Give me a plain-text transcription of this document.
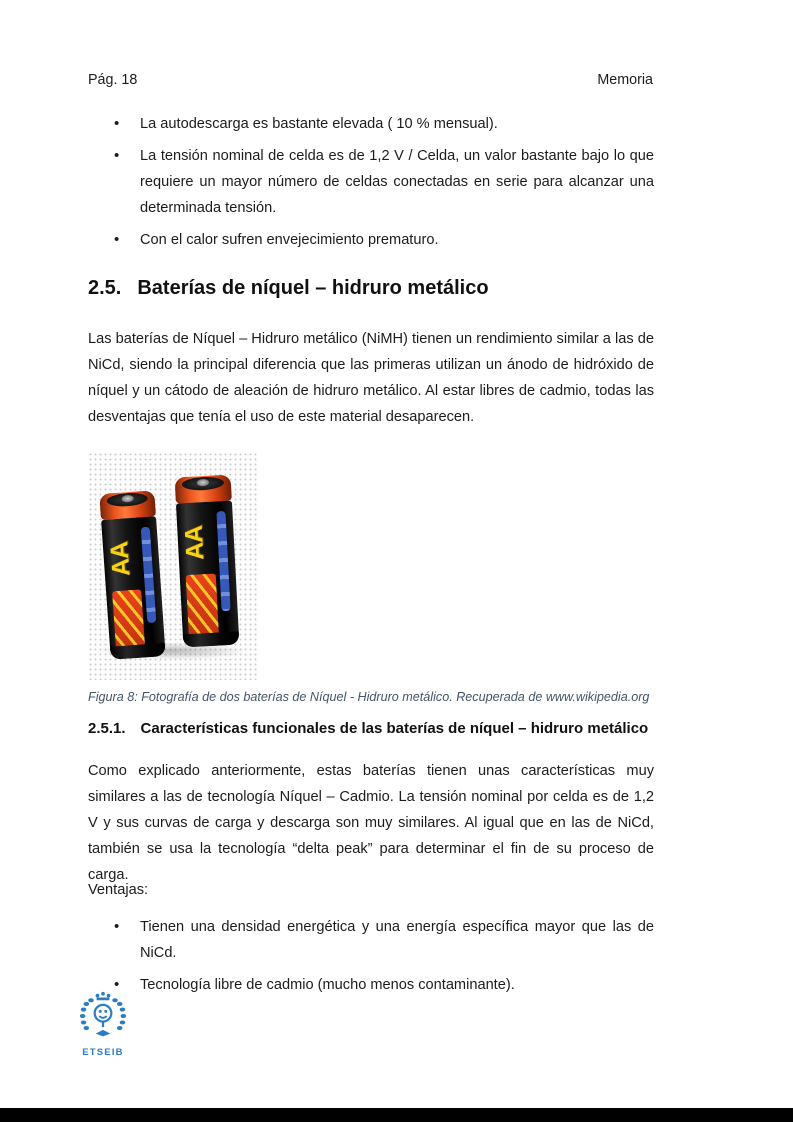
Pág. 18	Memoria
• La autodescarga es bastante elevada ( 10 % mensual).
• La tensión nominal de celda es de 1,2 V / Celda, un valor bastante bajo lo que requiere un mayor número de celdas conectadas en serie para alcanzar una determinada tensión.
• Con el calor sufren envejecimiento prematuro.
2.5. Baterías de níquel – hidruro metálico

Las baterías de Níquel – Hidruro metálico (NiMH) tienen un rendimiento similar a las de NiCd, siendo la principal diferencia que las primeras utilizan un ánodo de hidróxido de níquel y un cátodo de aleación de hidruro metálico. Al estar libres de cadmio, todas las desventajas que tenía el uso de este material desaparecen.

AA AA
Figura 8: Fotografía de dos baterías de Níquel - Hidruro metálico. Recuperada de www.wikipedia.org
2.5.1. Características funcionales de las baterías de níquel – hidruro metálico

Como explicado anteriormente, estas baterías tienen unas características muy similares a las de tecnología Níquel – Cadmio. La tensión nominal por celda es de 1,2 V y sus curvas de carga y descarga son muy similares. Al igual que en las de NiCd, también se usa la tecnología “delta peak” para determinar el fin de su proceso de carga.

Ventajas:
• Tienen una densidad energética y una energía específica mayor que las de NiCd.
• Tecnología libre de cadmio (mucho menos contaminante).
ETSEIB
